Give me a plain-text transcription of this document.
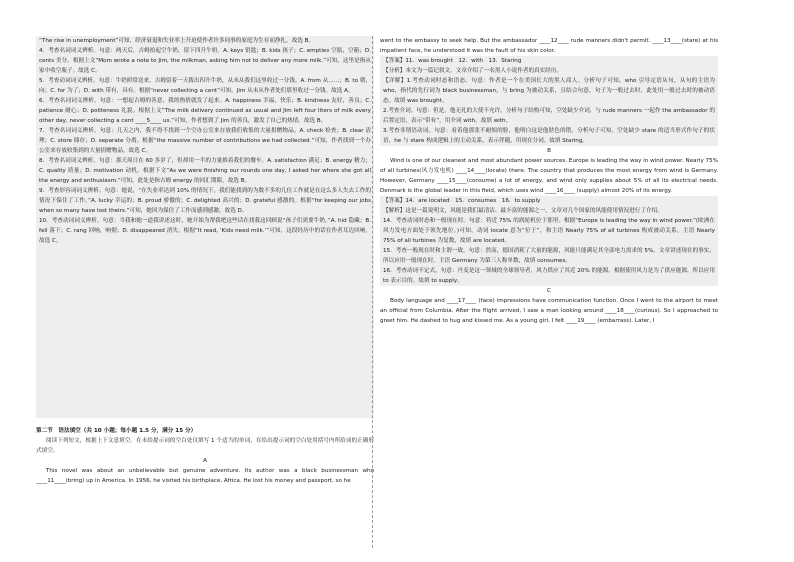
“The rise in unemployment”可知，经济衰退和失业率上升迫使作者许多同事的家庭为生存而挣扎。故选 B。

4．考查名词词义辨析。句意：两天后，吉姆拾起空牛奶，留下四升牛奶。A. keys 钥匙；B. kids 孩子；C. empties 空瓶，空箱；D. cents 美分。根据上文“Mom wrote a note to Jim, the milkman, asking him not to deliver any more milk.”可知，这里是指从家中收空瓶子。故选 C。

5．考查动词词义辨析。句意：牛奶照常送来，吉姆留着一天拨出四升牛奶，从未从我们这里收过一分钱。A. from 从……；B. to 朝，向；C. for 为了；D. with 带有，具有。根据“never collecting a cent”可知，Jim 从未从作者处们那里收过一分钱。故选 A。

6．考查名词词义辨析。句意：一想起吉姆的善意，我的热情就发了起来。A. happiness 幸福，快乐；B. kindness 友好，善良；C. patience 耐心；D. politeness 礼貌。根据上文“The milk delivery continued as usual and Jim left four liters of milk every other day, never collecting a cent ____5____ us.”可知，作者想到了 Jim 的善良，激发了自己的热情。故选 B。

7．考查名词词义辨析。句意：几天之内，我不得不找到一个空办公室来存放我们收集的大量捐赠物品。A. check 检查；B. clear 清理；C. store 储存；D. separate 分离。根据“the massive number of contributions we had collected.”可知，作者找到一个办公室来存放收集到的大量捐赠物品。故选 C。

8．考查名词词义辨析。句意：那天周日在 60 多岁了，但却用一半的力量推着我们的餐车。A. satisfaction 满足；B. energy 精力；C. quality 质量；D. motivation 动机。根据下文“As we were finishing our rounds one day, I asked her where she got all the energy and enthusiasm.”可知，此处是指吉姆 energy 的同汇期限。故选 B。

9．考查形容词词义辨析。句意：她说，“在失业率达到 10% 的情况下，我们能找到的为数不多的几位工作就是在这么多人失去工作的情况下保住了工作。”A. lucky 幸运的；B. proud 骄傲的；C. delighted 高兴的；D. grateful 感激的。根据“for keeping our jobs when so many have lost theirs.”可知，她因为保住了工作而感到感激。故选 D。

10．考查动词词义辨析。句意：当我和她一道我讲述这时，她开始为帮我吧这些话在找我这回顾说“孩子们需要牛奶。”A. hid 隐藏；B. fell 落下；C. rang 回响，响彻；D. disappeared 消失。根据“It read, ‘Kids need milk.’”可知，这段经历中的话在作者耳边回响。故选 C。

第二节　语法填空（共 10 小题；每小题 1.5 分，满分 15 分）

阅读下列短文，根据上下文意填空。在未给提示词的空白处仅填写 1 个适当的单词，在给出提示词的空白处用括号内所给词的正确形式填空。

A

This novel was about an unbelievable but genuine adventure. Its author was a black businessman who ____11____(bring) up in America. In 1956, he visited his birthplace, Africa. He lost his money and passport, so he

went to the embassy to seek help. But the ambassador ____12____ rude manners didn't permit. ____13____(stare) at his impatient face, he understood it was the fault of his skin color.

【答案】11．was brought　12．with　13．Staring

【分析】本文为一篇记叙文。文章介绍了一名黑人小说作者的真实经历。

【详解】1.考查动词时态和语态。句意：作者是一个在美国长大的黑人商人。分析句子可知，who 引导定语从句，从句的主语为 who，指代的先行词为 black businessman，与 bring 为被动关系，且结合句意，句子为一般过去时，此处用一般过去时的被动语态。故填 was brought。

2.考查介词。句意：但是，他无礼的大使不允许。分析句子结构可知，空处缺少介词，与 rude manners 一起作 the ambassador 的后置定语，表示“带有”，用介词 with。故填 with。

3.考查非谓语动词。句意：看着他那张不耐烦的脸，他明白这是他肤色的错。分析句子可知，空处缺少 stare 的适当形式作句子的状语，he 与 stare 构成逻辑上的主动关系，表示伴随，用现在分词。故填 Staring。

B

Wind is one of our cleanest and most abundant power sources. Europe is leading the way in wind power. Nearly 75% of all turbines(风力发电机) ____14____(locate) there. The country that produces the most energy from wind is Germany. However, Germany ____15____(consume) a lot of energy, and wind only supplies about 5% of all its electrical needs. Denmark is the global leader in this field, which uses wind ____16____ (supply) almost 20% of its energy.

【答案】14．are located　15．consumes　16．to supply

【解析】这是一篇说明文，风能是我们最清洁、最丰富的能源之一，文章对几个国家的风能使用情况进行了介绍。

14．考查动词时态和一般现在时。句意：将近 75% 的涡轮机位于那里。根据“Europe is leading the way in wind power.”(欧洲在风力发电方面处于领先地位。)可知，动词 locate 意为“位于”，和主语 Nearly 75% of all turbines 构成被动关系。主语 Nearly 75% of all turbines 为复数，故填 are located。

15．考查一般现在时和主谓一致。句意：然而，德国消耗了大量的能源，风能只能满足其全部电力需求的 5%。文章讲述现在的事实，所以应用一般现在时。主语 Germany 为第三人称单数，故填 consumes。

16．考查动词不定式。句意：丹麦是这一领域的全球领导者，风力供应了其近 20% 的能源。根据使用风力是为了供应能源，所以应用 to 表示目的。故填 to supply。

C

Body language and ____17____ (face) impressions have communication function. Once I went to the airport to meet an official from Columbia. After the flight arrived, I saw a man looking around ____18____(curious). So I approached to greet him. He dashed to hug and kissed me. As a young girl, I felt ____19____ (embarrass). Later, I
